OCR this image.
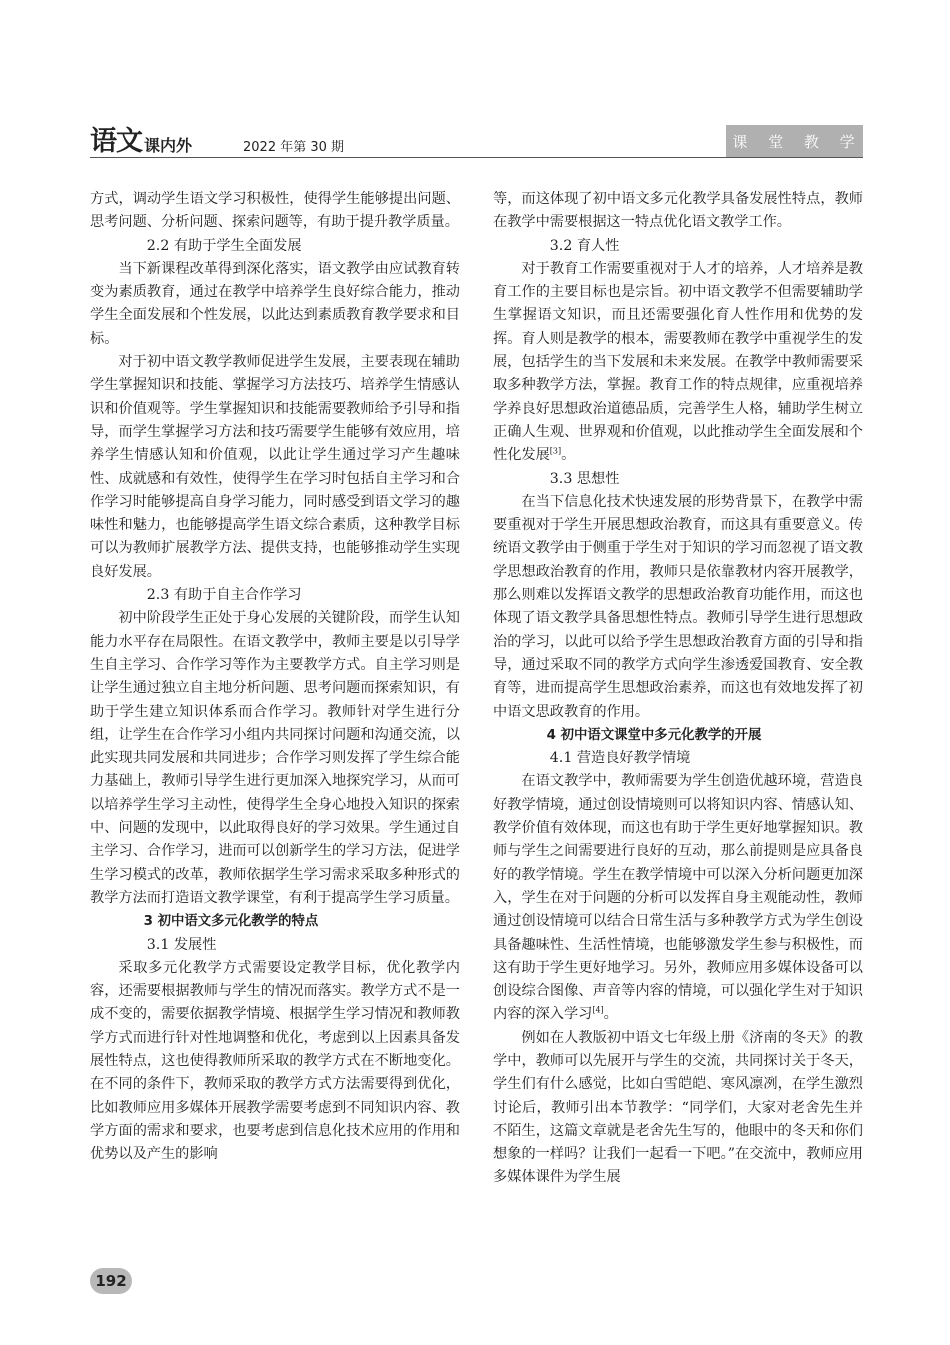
语文 课内外	2022 年第 30 期	课 堂 教 学

方式，调动学生语文学习积极性，使得学生能够提出问题、思考问题、分析问题、探索问题等，有助于提升教学质量。

2.2 有助于学生全面发展

当下新课程改革得到深化落实，语文教学由应试教育转变为素质教育，通过在教学中培养学生良好综合能力，推动学生全面发展和个性发展，以此达到素质教育教学要求和目标。

对于初中语文教学教师促进学生发展，主要表现在辅助学生掌握知识和技能、掌握学习方法技巧、培养学生情感认识和价值观等。学生掌握知识和技能需要教师给予引导和指导，而学生掌握学习方法和技巧需要学生能够有效应用，培养学生情感认知和价值观，以此让学生通过学习产生趣味性、成就感和有效性，使得学生在学习时包括自主学习和合作学习时能够提高自身学习能力，同时感受到语文学习的趣味性和魅力，也能够提高学生语文综合素质，这种教学目标可以为教师扩展教学方法、提供支持，也能够推动学生实现良好发展。

2.3 有助于自主合作学习

初中阶段学生正处于身心发展的关键阶段，而学生认知能力水平存在局限性。在语文教学中，教师主要是以引导学生自主学习、合作学习等作为主要教学方式。自主学习则是让学生通过独立自主地分析问题、思考问题而探索知识，有助于学生建立知识体系而合作学习。教师针对学生进行分组，让学生在合作学习小组内共同探讨问题和沟通交流，以此实现共同发展和共同进步；合作学习则发挥了学生综合能力基础上，教师引导学生进行更加深入地探究学习，从而可以培养学生学习主动性，使得学生全身心地投入知识的探索中、问题的发现中，以此取得良好的学习效果。学生通过自主学习、合作学习，进而可以创新学生的学习方法，促进学生学习模式的改革，教师依据学生学习需求采取多种形式的教学方法而打造语文教学课堂，有利于提高学生学习质量。

3 初中语文多元化教学的特点

3.1 发展性

采取多元化教学方式需要设定教学目标，优化教学内容，还需要根据教师与学生的情况而落实。教学方式不是一成不变的，需要依据教学情境、根据学生学习情况和教师教学方式而进行针对性地调整和优化，考虑到以上因素具备发展性特点，这也使得教师所采取的教学方式在不断地变化。在不同的条件下，教师采取的教学方式方法需要得到优化，比如教师应用多媒体开展教学需要考虑到不同知识内容、教学方面的需求和要求，也要考虑到信息化技术应用的作用和优势以及产生的影响

等，而这体现了初中语文多元化教学具备发展性特点，教师在教学中需要根据这一特点优化语文教学工作。

3.2 育人性

对于教育工作需要重视对于人才的培养，人才培养是教育工作的主要目标也是宗旨。初中语文教学不但需要辅助学生掌握语文知识，而且还需要强化育人性作用和优势的发挥。育人则是教学的根本，需要教师在教学中重视学生的发展，包括学生的当下发展和未来发展。在教学中教师需要采取多种教学方法，掌握。教育工作的特点规律，应重视培养学养良好思想政治道德品质，完善学生人格，辅助学生树立正确人生观、世界观和价值观，以此推动学生全面发展和个性化发展[3]。

3.3 思想性

在当下信息化技术快速发展的形势背景下，在教学中需要重视对于学生开展思想政治教育，而这具有重要意义。传统语文教学由于侧重于学生对于知识的学习而忽视了语文教学思想政治教育的作用，教师只是依靠教材内容开展教学，那么则难以发挥语文教学的思想政治教育功能作用，而这也体现了语文教学具备思想性特点。教师引导学生进行思想政治的学习，以此可以给予学生思想政治教育方面的引导和指导，通过采取不同的教学方式向学生渗透爱国教育、安全教育等，进而提高学生思想政治素养，而这也有效地发挥了初中语文思政教育的作用。

4 初中语文课堂中多元化教学的开展

4.1 营造良好教学情境

在语文教学中，教师需要为学生创造优越环境，营造良好教学情境，通过创设情境则可以将知识内容、情感认知、教学价值有效体现，而这也有助于学生更好地掌握知识。教师与学生之间需要进行良好的互动，那么前提则是应具备良好的教学情境。学生在教学情境中可以深入分析问题更加深入，学生在对于问题的分析可以发挥自身主观能动性，教师通过创设情境可以结合日常生活与多种教学方式为学生创设具备趣味性、生活性情境，也能够激发学生参与积极性，而这有助于学生更好地学习。另外，教师应用多媒体设备可以创设综合图像、声音等内容的情境，可以强化学生对于知识内容的深入学习[4]。

例如在人教版初中语文七年级上册《济南的冬天》的教学中，教师可以先展开与学生的交流，共同探讨关于冬天，学生们有什么感觉，比如白雪皑皑、寒风凛冽，在学生激烈讨论后，教师引出本节教学：“同学们，大家对老舍先生并不陌生，这篇文章就是老舍先生写的，他眼中的冬天和你们想象的一样吗？让我们一起看一下吧。”在交流中，教师应用多媒体课件为学生展

192
